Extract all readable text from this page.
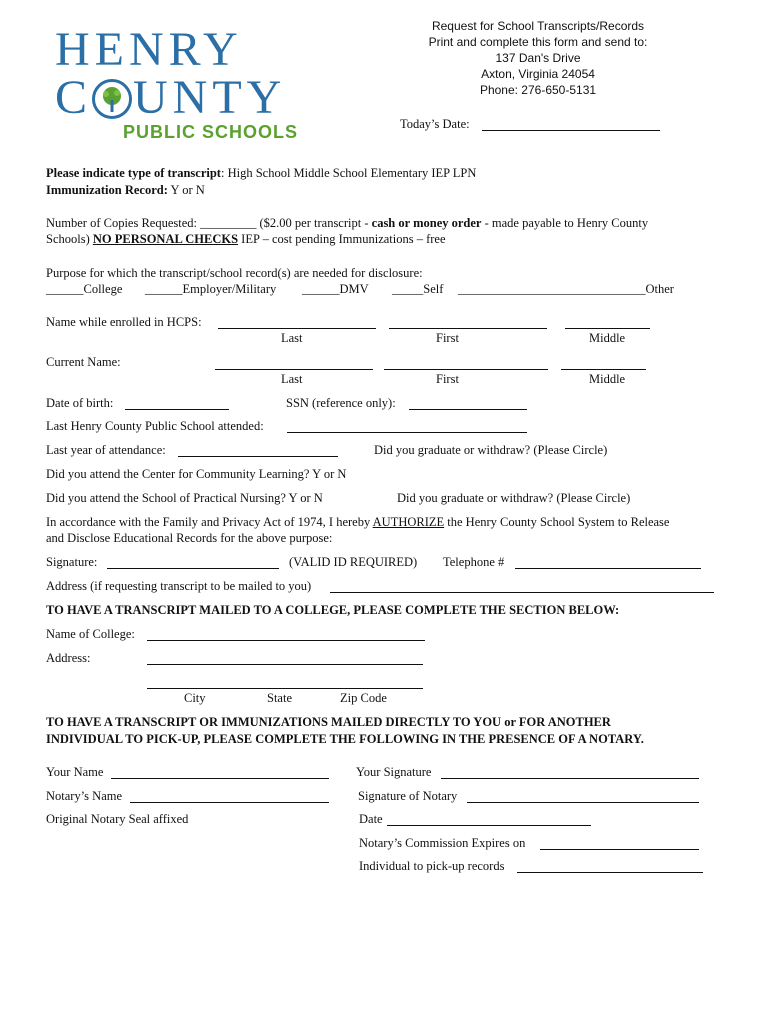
HENRY
C UNTY
PUBLIC SCHOOLS
Request for School Transcripts/Records
Print and complete this form and send to:
137 Dan's Drive
Axton, Virginia 24054
Phone: 276-650-5131
Today’s Date:
Please indicate type of transcript: High School Middle School Elementary IEP LPN
Immunization Record: Y or N
Number of Copies Requested: _________ ($2.00 per transcript - cash or money order - made payable to Henry County
Schools) NO PERSONAL CHECKS IEP – cost pending Immunizations – free
Purpose for which the transcript/school record(s) are needed for disclosure:
______College ______Employer/Military ______DMV _____Self ______________________________Other
Name while enrolled in HCPS:
Last	First	Middle
Current Name:
Last	First	Middle
Date of birth:	SSN (reference only):
Last Henry County Public School attended:
Last year of attendance:	Did you graduate or withdraw? (Please Circle)
Did you attend the Center for Community Learning? Y or N
Did you attend the School of Practical Nursing? Y or N	Did you graduate or withdraw? (Please Circle)
In accordance with the Family and Privacy Act of 1974, I hereby AUTHORIZE the Henry County School System to Release
and Disclose Educational Records for the above purpose:
Signature:	(VALID ID REQUIRED) Telephone #
Address (if requesting transcript to be mailed to you)
TO HAVE A TRANSCRIPT MAILED TO A COLLEGE, PLEASE COMPLETE THE SECTION BELOW:
Name of College:
Address:
City	State	Zip Code
TO HAVE A TRANSCRIPT OR IMMUNIZATIONS MAILED DIRECTLY TO YOU or FOR ANOTHER
INDIVIDUAL TO PICK-UP, PLEASE COMPLETE THE FOLLOWING IN THE PRESENCE OF A NOTARY.
Your Name	Your Signature
Notary’s Name	Signature of Notary
Original Notary Seal affixed	Date
Notary’s Commission Expires on
Individual to pick-up records
